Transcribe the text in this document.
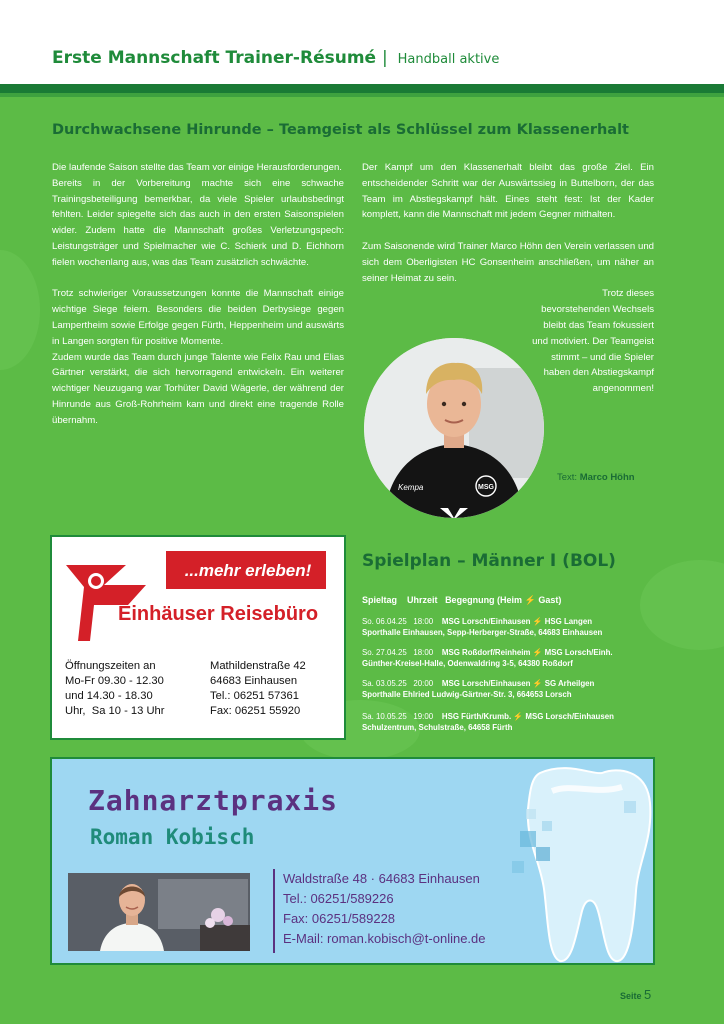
Erste Mannschaft Trainer-Résumé | Handball aktive
Durchwachsene Hinrunde – Teamgeist als Schlüssel zum Klassenerhalt

Die laufende Saison stellte das Team vor einige Herausforderungen.

Bereits in der Vorbereitung machte sich eine schwache Trainingsbeteiligung bemerkbar, da viele Spieler urlaubsbedingt fehlten. Leider spiegelte sich das auch in den ersten Saisonspielen wider. Zudem hatte die Mannschaft großes Verletzungspech: Leistungsträger und Spielmacher wie C. Schierk und D. Eichhorn fielen wochenlang aus, was das Team zusätzlich schwächte.

Trotz schwieriger Voraussetzungen konnte die Mannschaft einige wichtige Siege feiern. Besonders die beiden Derbysiege gegen Lampertheim sowie Erfolge gegen Fürth, Heppenheim und auswärts in Langen sorgten für positive Momente.

Zudem wurde das Team durch junge Talente wie Felix Rau und Elias Gärtner verstärkt, die sich hervorragend entwickeln. Ein weiterer wichtiger Neuzugang war Torhüter David Wägerle, der während der Hinrunde aus Groß-Rohrheim kam und direkt eine tragende Rolle übernahm.

Der Kampf um den Klassenerhalt bleibt das große Ziel. Ein entscheidender Schritt war der Auswärtssieg in Buttelborn, der das Team im Abstiegskampf hält. Eines steht fest: Ist der Kader komplett, kann die Mannschaft mit jedem Gegner mithalten.

Zum Saisonende wird Trainer Marco Höhn den Verein verlassen und sich dem Oberligisten HC Gonsenheim anschließen, um näher an seiner Heimat zu sein.

Trotz dieses bevorstehenden Wechsels bleibt das Team fokussiert und motiviert. Der Teamgeist stimmt – und die Spieler haben den Abstiegskampf angenommen!

Kempa	MSG
Text: Marco Höhn
...mehr erleben!
Einhäuser Reisebüro
Öffnungszeiten an
Mo-Fr 09.30 - 12.30
und 14.30 - 18.30
Uhr,  Sa 10 - 13 Uhr
Mathildenstraße 42
64683 Einhausen
Tel.: 06251 57361
Fax: 06251 55920
Spielplan – Männer I (BOL)
Spieltag Uhrzeit Begegnung (Heim ⚡ Gast)
So. 06.04.25 18:00 MSG Lorsch/Einhausen ⚡ HSG Langen
Sporthalle Einhausen, Sepp-Herberger-Straße, 64683 Einhausen
So. 27.04.25 18:00 MSG Roßdorf/Reinheim ⚡ MSG Lorsch/Einh.
Günther-Kreisel-Halle, Odenwaldring 3-5, 64380 Roßdorf
Sa. 03.05.25 20:00 MSG Lorsch/Einhausen ⚡ SG Arheilgen
Sporthalle Ehlried Ludwig-Gärtner-Str. 3, 664653 Lorsch
Sa. 10.05.25 19:00 HSG Fürth/Krumb. ⚡ MSG Lorsch/Einhausen
Schulzentrum, Schulstraße, 64658 Fürth
Zahnarztpraxis
Roman Kobisch
Waldstraße 48 · 64683 Einhausen
Tel.: 06251/589226
Fax: 06251/589228
E-Mail: roman.kobisch@t-online.de
Seite 5
